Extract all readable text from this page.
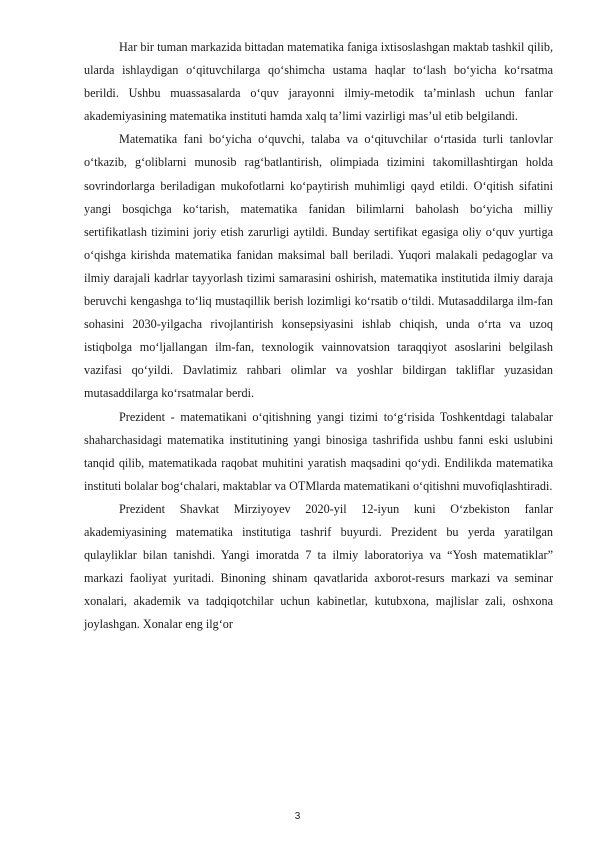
Har bir tuman markazida bittadan matematika faniga ixtisoslashgan maktab tashkil qilib, ularda ishlaydigan o‘qituvchilarga qo‘shimcha ustama haqlar to‘lash bo‘yicha ko‘rsatma berildi. Ushbu muassasalarda o‘quv jarayonni ilmiy-metodik ta’minlash uchun fanlar akademiyasining matematika instituti hamda xalq ta’limi vazirligi mas’ul etib belgilandi.

Matematika fani bo‘yicha o‘quvchi, talaba va o‘qituvchilar o‘rtasida turli tanlovlar o‘tkazib, g‘oliblarni munosib rag‘batlantirish, olimpiada tizimini takomillashtirgan holda sovrindorlarga beriladigan mukofotlarni ko‘paytirish muhimligi qayd etildi. O‘qitish sifatini yangi bosqichga ko‘tarish, matematika fanidan bilimlarni baholash bo‘yicha milliy sertifikatlash tizimini joriy etish zarurligi aytildi. Bunday sertifikat egasiga oliy o‘quv yurtiga o‘qishga kirishda matematika fanidan maksimal ball beriladi. Yuqori malakali pedagoglar va ilmiy darajali kadrlar tayyorlash tizimi samarasini oshirish, matematika institutida ilmiy daraja beruvchi kengashga to‘liq mustaqillik berish lozimligi ko‘rsatib o‘tildi. Mutasaddilarga ilm-fan sohasini 2030-yilgacha rivojlantirish konsepsiyasini ishlab chiqish, unda o‘rta va uzoq istiqbolga mo‘ljallangan ilm-fan, texnologik vainnovatsion taraqqiyot asoslarini belgilash vazifasi qo‘yildi. Davlatimiz rahbari olimlar va yoshlar bildirgan takliflar yuzasidan mutasaddilarga ko‘rsatmalar berdi.

Prezident - matematikani o‘qitishning yangi tizimi to‘g‘risida Toshkentdagi talabalar shaharchasidagi matematika institutining yangi binosiga tashrifida ushbu fanni eski uslubini tanqid qilib, matematikada raqobat muhitini yaratish maqsadini qo‘ydi. Endilikda matematika instituti bolalar bog‘chalari, maktablar va OTMlarda matematikani o‘qitishni muvofiqlashtiradi.

Prezident Shavkat Mirziyoyev 2020-yil 12-iyun kuni O‘zbekiston fanlar akademiyasining matematika institutiga tashrif buyurdi. Prezident bu yerda yaratilgan qulayliklar bilan tanishdi. Yangi imoratda 7 ta ilmiy laboratoriya va “Yosh matematiklar” markazi faoliyat yuritadi. Binoning shinam qavatlarida axborot-resurs markazi va seminar xonalari, akademik va tadqiqotchilar uchun kabinetlar, kutubxona, majlislar zali, oshxona joylashgan. Xonalar eng ilg‘or

3
